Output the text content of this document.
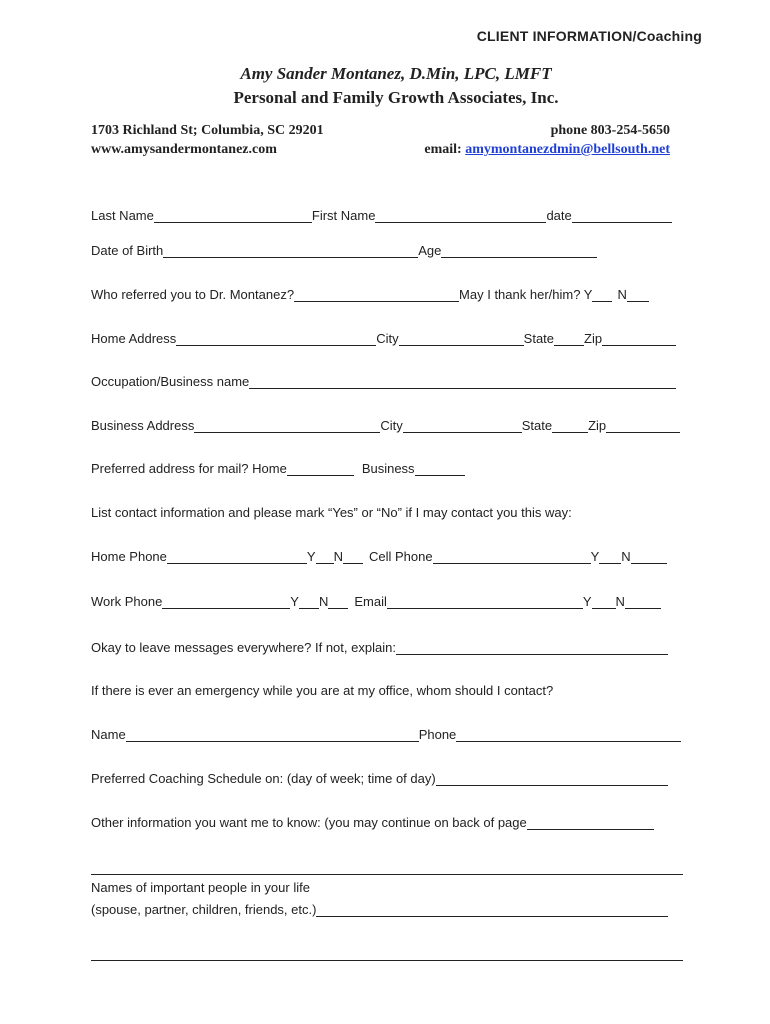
CLIENT INFORMATION/Coaching
Amy Sander Montanez, D.Min, LPC, LMFT
Personal and Family Growth Associates, Inc.
1703 Richland St; Columbia, SC 29201
www.amysandermontanez.com
phone 803-254-5650
email: amymontanezdmin@bellsouth.net
Last Name	First Name	date
Date of Birth	Age
Who referred you to Dr. Montanez?	May I thank her/him? Y N
Home Address	City	State Zip
Occupation/Business name
Business Address	City	State	Zip
Preferred address for mail? Home	Business
List contact information and please mark “Yes” or “No” if I may contact you this way:
Home Phone	Y N Cell Phone	Y N
Work Phone	Y N Email	Y N
Okay to leave messages everywhere? If not, explain:
If there is ever an emergency while you are at my office, whom should I contact?
Name	Phone
Preferred Coaching Schedule on: (day of week; time of day)
Other information you want me to know: (you may continue on back of page
Names of important people in your life
(spouse, partner, children, friends, etc.)
